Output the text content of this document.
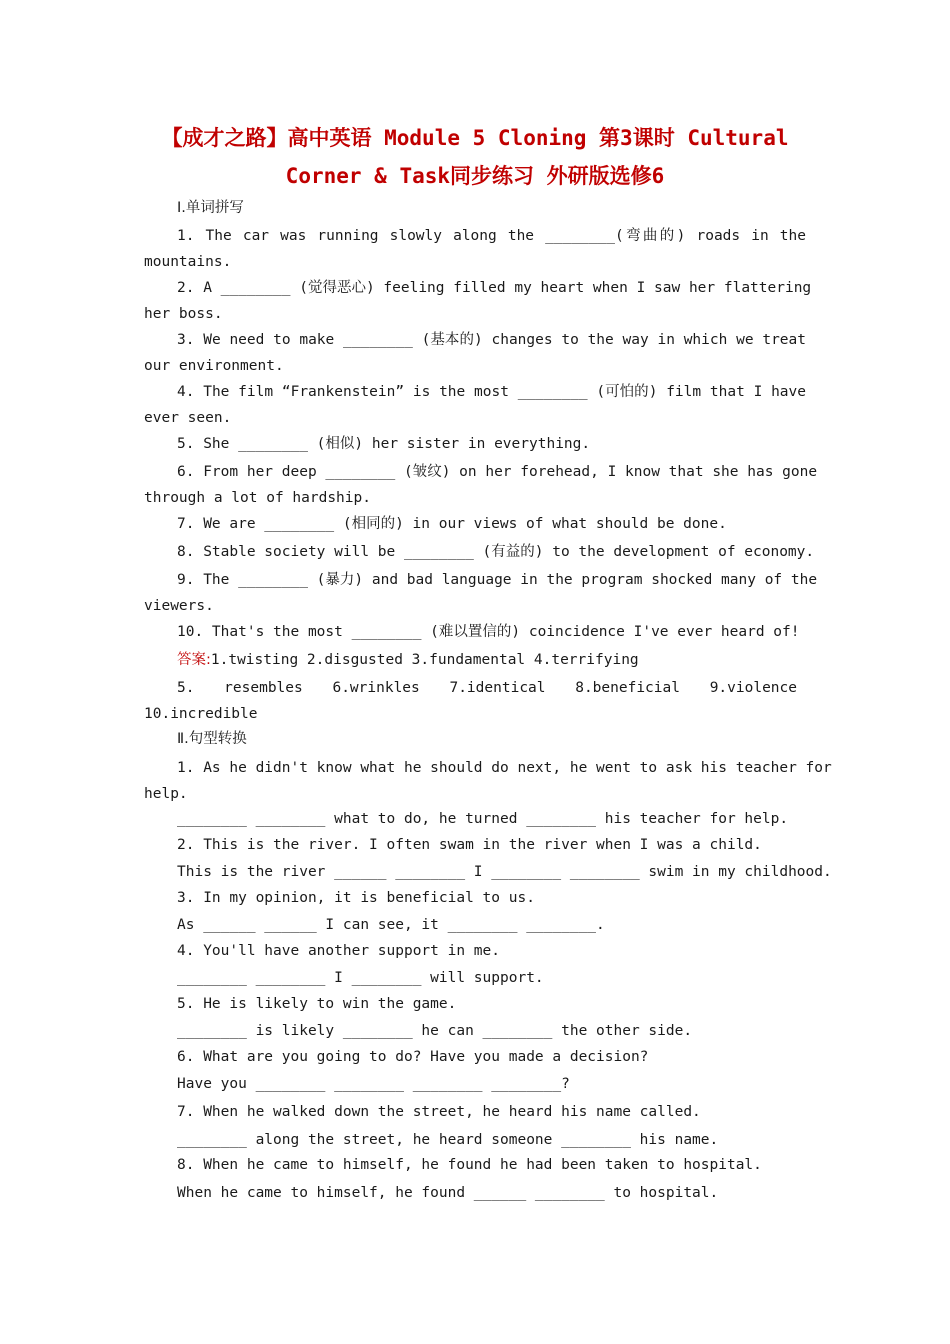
【成才之路】高中英语 Module 5 Cloning 第3课时 Cultural
Corner & Task同步练习 外研版选修6
Ⅰ.单词拼写
1. The car was running slowly along the ________(弯曲的) roads in the
mountains.
2. A ________ (觉得恶心) feeling filled my heart when I saw her flattering
her boss.
3. We need to make ________ (基本的) changes to the way in which we treat
our environment.
4. The film “Frankenstein” is the most ________ (可怕的) film that I have
ever seen.
5. She ________ (相似) her sister in everything.
6. From her deep ________ (皱纹) on her forehead, I know that she has gone
through a lot of hardship.
7. We are ________ (相同的) in our views of what should be done.
8. Stable society will be ________ (有益的) to the development of economy.
9. The ________ (暴力) and bad language in the program shocked many of the
viewers.
10. That's the most ________ (难以置信的) coincidence I've ever heard of!
答案:1.twisting 2.disgusted 3.fundamental 4.terrifying
5. resembles 6.wrinkles 7.identical 8.beneficial 9.violence
10.incredible
Ⅱ.句型转换
1. As he didn't know what he should do next, he went to ask his teacher for
help.
________ ________ what to do, he turned ________ his teacher for help.
2. This is the river. I often swam in the river when I was a child.
This is the river ______ ________ I ________ ________ swim in my childhood.
3. In my opinion, it is beneficial to us.
As ______ ______ I can see, it ________ ________.
4. You'll have another support in me.
________ ________ I ________ will support.
5. He is likely to win the game.
________ is likely ________ he can ________ the other side.
6. What are you going to do? Have you made a decision?
Have you ________ ________ ________ ________?
7. When he walked down the street, he heard his name called.
________ along the street, he heard someone ________ his name.
8. When he came to himself, he found he had been taken to hospital.
When he came to himself, he found ______ ________ to hospital.
